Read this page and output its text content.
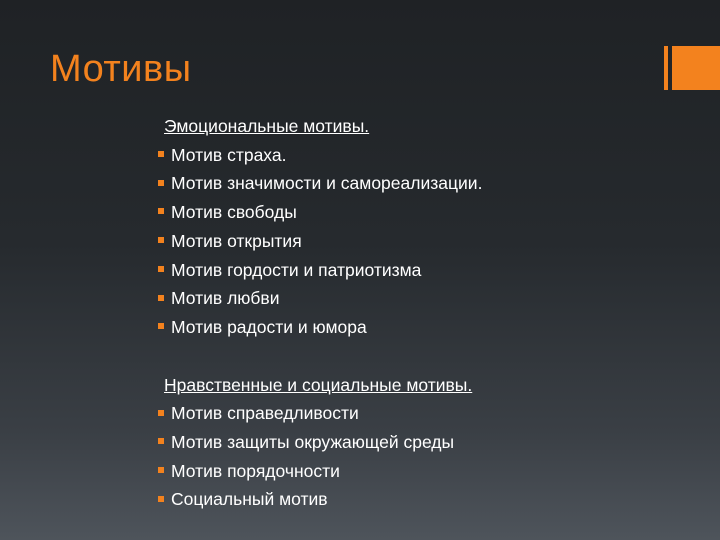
Мотивы
Эмоциональные мотивы.
Мотив страха.
Мотив значимости и самореализации.
Мотив свободы
Мотив открытия
Мотив гордости и патриотизма
Мотив любви
Мотив радости и юмора
Нравственные и социальные мотивы.
Мотив справедливости
Мотив защиты окружающей среды
Мотив порядочности
Социальный мотив
